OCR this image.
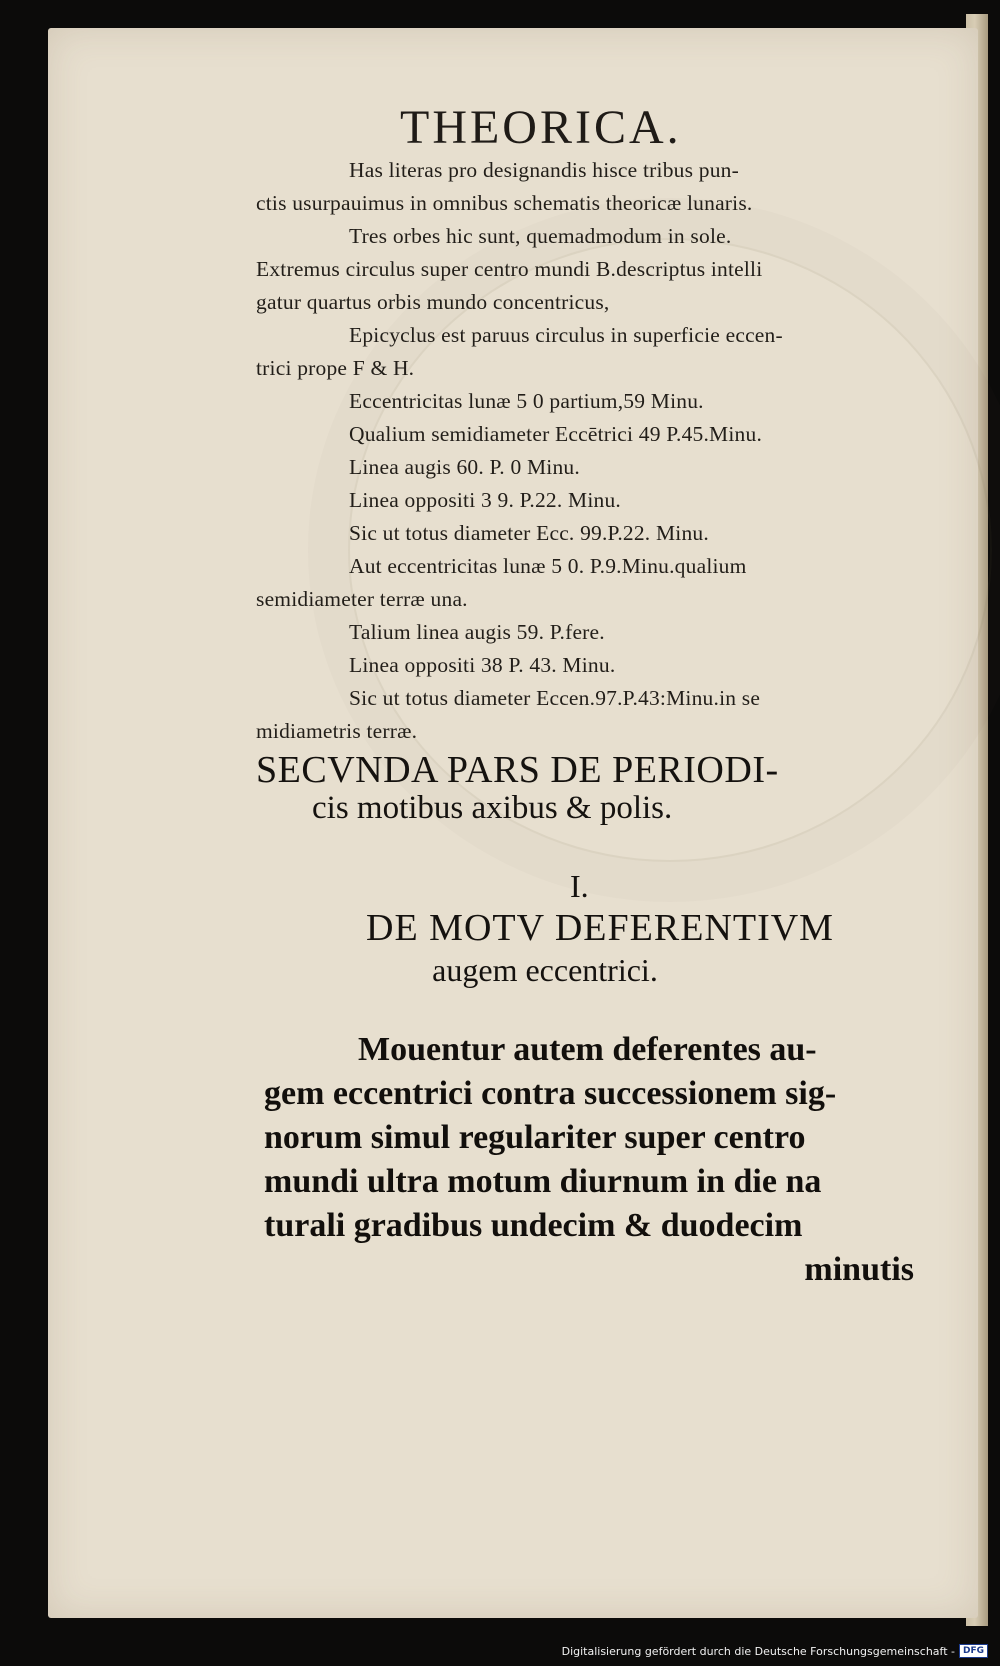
THEORICA.
Has literas pro designandis hisce tribus pun-
ctis usurpauimus in omnibus schematis theoricæ lunaris.
Tres orbes hic sunt, quemadmodum in sole.
Extremus circulus super centro mundi B.descriptus intelli
gatur quartus orbis mundo concentricus,
Epicyclus est paruus circulus in superficie eccen-
trici prope F & H.
Eccentricitas lunæ 5 0 partium,59 Minu.
Qualium semidiameter Eccētrici 49 P.45.Minu.
Linea augis 60. P. 0 Minu.
Linea oppositi 3 9. P.22. Minu.
Sic ut totus diameter Ecc. 99.P.22. Minu.
Aut eccentricitas lunæ 5 0. P.9.Minu.qualium
semidiameter terræ una.
Talium linea augis 59. P.fere.
Linea oppositi 38 P. 43. Minu.
Sic ut totus diameter Eccen.97.P.43:Minu.in se
midiametris terræ.
SECVNDA PARS DE PERIODI-
cis motibus axibus & polis.
I.
DE MOTV DEFERENTIVM
augem eccentrici.
Mouentur autem deferentes au-
gem eccentrici contra successionem sig-
norum simul regulariter super centro
mundi ultra motum diurnum in die na
turali gradibus undecim & duodecim
minutis
Digitalisierung gefördert durch die Deutsche Forschungsgemeinschaft - DFG
